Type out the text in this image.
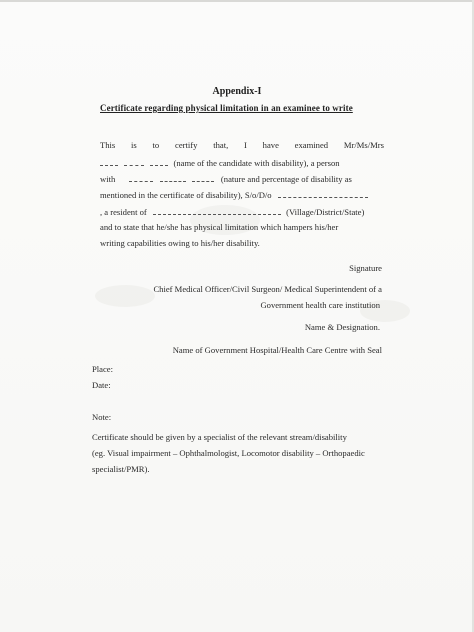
Appendix-I
Certificate regarding physical limitation in an examinee to write
This is to certify that, I have examined Mr/Ms/Mrs
(name of the candidate with disability), a person
with	(nature and percentage of disability as
mentioned in the certificate of disability), S/o/D/o
, a resident of	(Village/District/State)
and to state that he/she has physical limitation which hampers his/her
writing capabilities owing to his/her disability.
Signature
Chief Medical Officer/Civil Surgeon/ Medical Superintendent of a
Government health care institution
Name & Designation.
Name of Government Hospital/Health Care Centre with Seal
Place:
Date:
Note:
Certificate should be given by a specialist of the relevant stream/disability
(eg. Visual impairment – Ophthalmologist, Locomotor disability – Orthopaedic
specialist/PMR).
